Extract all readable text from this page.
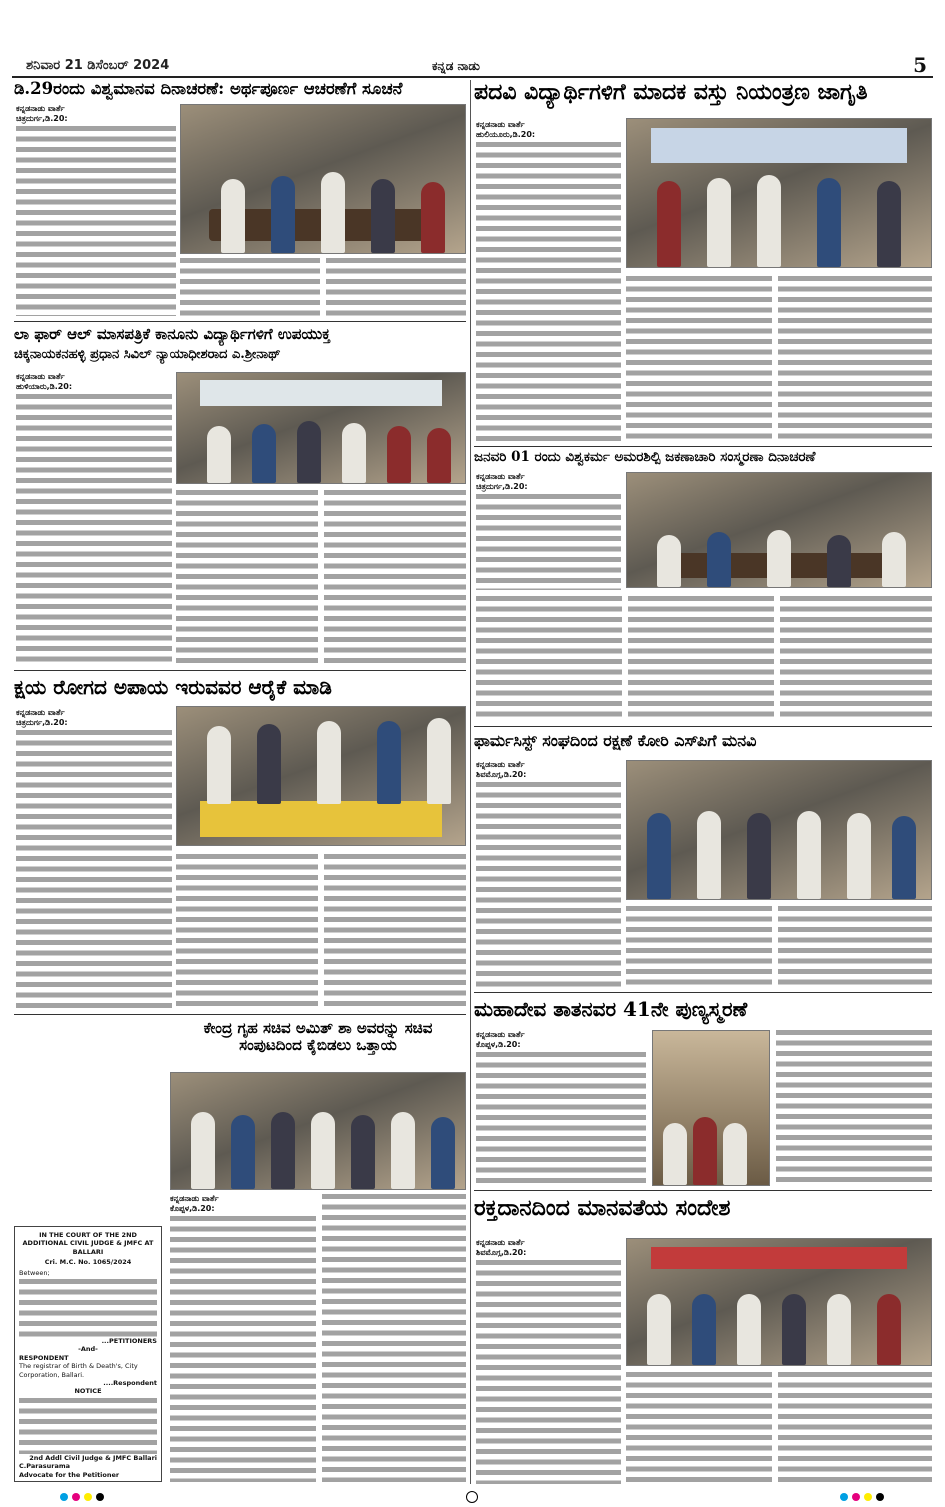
ಶನಿವಾರ 21 ಡಿಸೆಂಬರ್ 2024	ಕನ್ನಡ ನಾಡು	5
ಡಿ.29ರಂದು ವಿಶ್ವಮಾನವ ದಿನಾಚರಣೆ: ಅರ್ಥಪೂರ್ಣ ಆಚರಣೆಗೆ ಸೂಚನೆ
ಕನ್ನಡನಾಡು ವಾರ್ತೆ
ಚಿತ್ರದುರ್ಗ,ಡಿ.20:
ಪದವಿ ವಿದ್ಯಾರ್ಥಿಗಳಿಗೆ ಮಾದಕ ವಸ್ತು ನಿಯಂತ್ರಣ ಜಾಗೃತಿ
ಕನ್ನಡನಾಡು ವಾರ್ತೆ
ಹುಲಿಯೂರು,ಡಿ.20:
ಲಾ ಫಾರ್ ಆಲ್ ಮಾಸಪತ್ರಿಕೆ ಕಾನೂನು ವಿದ್ಯಾರ್ಥಿಗಳಿಗೆ ಉಪಯುಕ್ತ
ಚಿಕ್ಕನಾಯಕನಹಳ್ಳಿ ಪ್ರಧಾನ ಸಿವಿಲ್ ನ್ಯಾಯಾಧೀಶರಾದ ಎ.ಶ್ರೀನಾಥ್
ಕನ್ನಡನಾಡು ವಾರ್ತೆ
ಹುಳಿಯಾರು,ಡಿ.20:
ಜನವರಿ 01 ರಂದು ವಿಶ್ವಕರ್ಮ ಅಮರಶಿಲ್ಪಿ ಜಕಣಾಚಾರಿ ಸಂಸ್ಮರಣಾ ದಿನಾಚರಣೆ
ಕನ್ನಡನಾಡು ವಾರ್ತೆ
ಚಿತ್ರದುರ್ಗ,ಡಿ.20:
ಕ್ಷಯ ರೋಗದ ಅಪಾಯ ಇರುವವರ ಆರೈಕೆ ಮಾಡಿ
ಕನ್ನಡನಾಡು ವಾರ್ತೆ
ಚಿತ್ರದುರ್ಗ,ಡಿ.20:
ಫಾರ್ಮಸಿಸ್ಟ್ ಸಂಘದಿಂದ ರಕ್ಷಣೆ ಕೋರಿ ಎಸ್‍ಪಿಗೆ ಮನವಿ
ಕನ್ನಡನಾಡು ವಾರ್ತೆ
ಶಿವಮೊಗ್ಗ,ಡಿ.20:
ಮಹಾದೇವ ತಾತನವರ 41ನೇ ಪುಣ್ಯಸ್ಮರಣೆ
ಕನ್ನಡನಾಡು ವಾರ್ತೆ
ಕೊಪ್ಪಳ,ಡಿ.20:
ಕೇಂದ್ರ ಗೃಹ ಸಚಿವ ಅಮಿತ್ ಶಾ ಅವರನ್ನು ಸಚಿವ ಸಂಪುಟದಿಂದ ಕೈಬಿಡಲು ಒತ್ತಾಯ
ಕನ್ನಡನಾಡು ವಾರ್ತೆ
ಕೊಪ್ಪಳ,ಡಿ.20:	ರಕ್ತದಾನದಿಂದ ಮಾನವತೆಯ ಸಂದೇಶ
ಕನ್ನಡನಾಡು ವಾರ್ತೆ
ಶಿವಮೊಗ್ಗ,ಡಿ.20:
IN THE COURT OF THE 2ND ADDITIONAL CIVIL JUDGE & JMFC AT BALLARI
Cri. M.C. No. 1065/2024
Between;
...PETITIONERS
-And-
RESPONDENT
The registrar of Birth & Death's, City Corporation, Ballari.
....Respondent
NOTICE
2nd Addl Civil Judge & JMFC Ballari
C.Parasurama
Advocate for the Petitioner
